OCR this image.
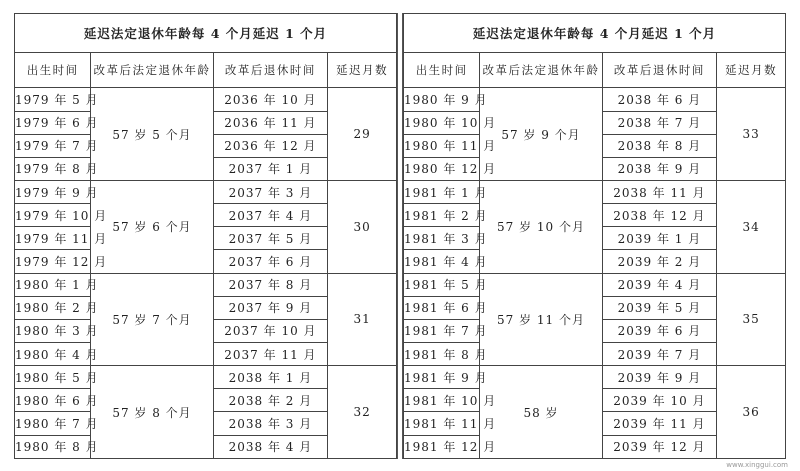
延迟法定退休年龄每 4 个月延迟 1 个月			
出生时间	改革后法定退休年龄	改革后退休时间	延迟月数
1979 年 5 月	57 岁 5 个月	2036 年 10 月	29
1979 年 6 月		2036 年 11 月	
1979 年 7 月		2036 年 12 月	
1979 年 8 月		2037 年 1 月	
1979 年 9 月	57 岁 6 个月	2037 年 3 月	30
1979 年 10 月		2037 年 4 月	
1979 年 11 月		2037 年 5 月	
1979 年 12 月		2037 年 6 月	
1980 年 1 月	57 岁 7 个月	2037 年 8 月	31
1980 年 2 月		2037 年 9 月	
1980 年 3 月		2037 年 10 月	
1980 年 4 月		2037 年 11 月	
1980 年 5 月	57 岁 8 个月	2038 年 1 月	32
1980 年 6 月		2038 年 2 月	
1980 年 7 月		2038 年 3 月	
1980 年 8 月		2038 年 4 月	
延迟法定退休年龄每 4 个月延迟 1 个月			
出生时间	改革后法定退休年龄	改革后退休时间	延迟月数
1980 年 9 月	57 岁 9 个月	2038 年 6 月	33
1980 年 10 月		2038 年 7 月	
1980 年 11 月		2038 年 8 月	
1980 年 12 月		2038 年 9 月	
1981 年 1 月	57 岁 10 个月	2038 年 11 月	34
1981 年 2 月		2038 年 12 月	
1981 年 3 月		2039 年 1 月	
1981 年 4 月		2039 年 2 月	
1981 年 5 月	57 岁 11 个月	2039 年 4 月	35
1981 年 6 月		2039 年 5 月	
1981 年 7 月		2039 年 6 月	
1981 年 8 月		2039 年 7 月	
1981 年 9 月	58 岁	2039 年 9 月	36
1981 年 10 月		2039 年 10 月	
1981 年 11 月		2039 年 11 月	
1981 年 12 月		2039 年 12 月	
www.xinggui.com
